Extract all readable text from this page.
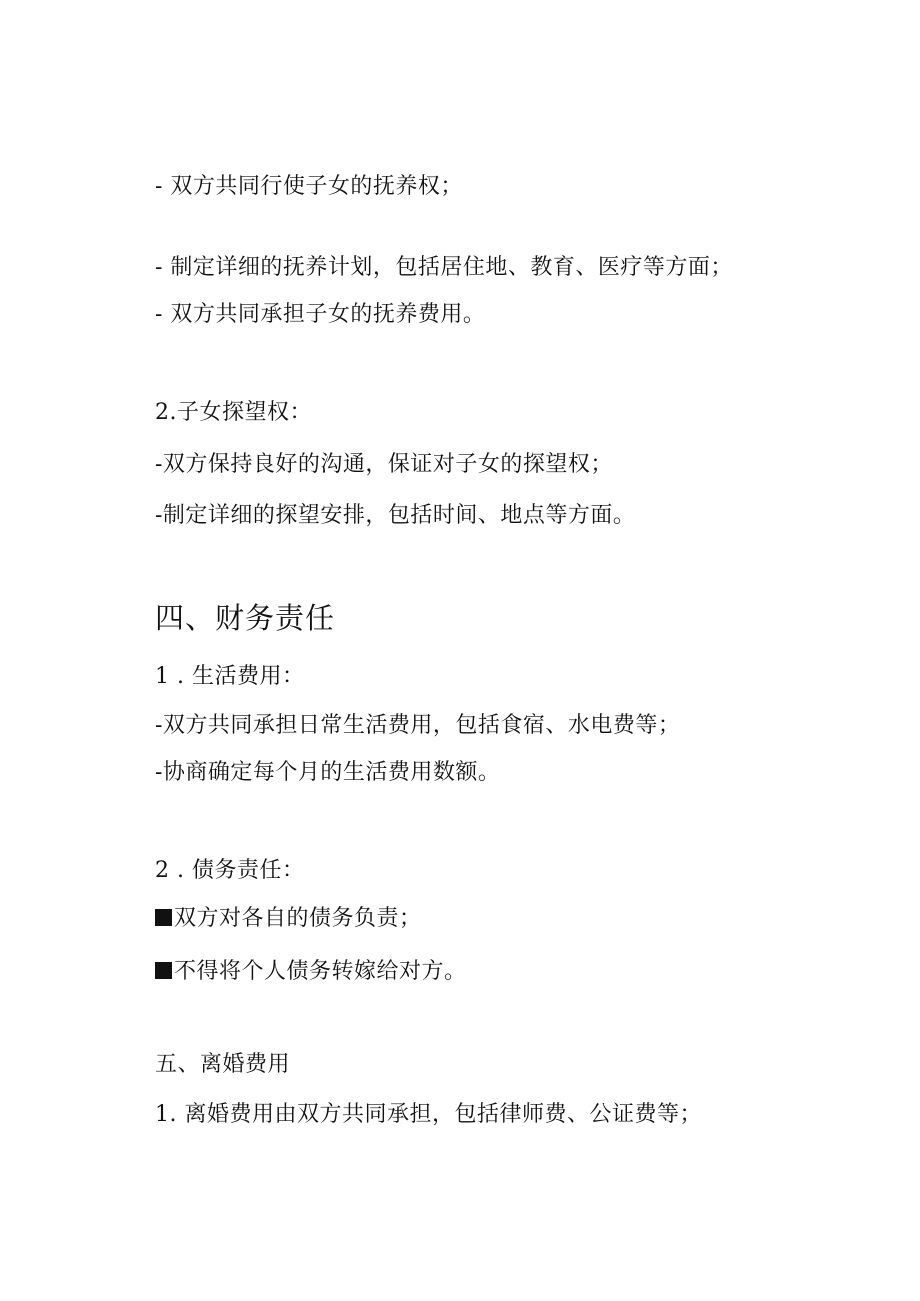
- 双方共同行使子女的抚养权；

- 制定详细的抚养计划，包括居住地、教育、医疗等方面；

- 双方共同承担子女的抚养费用。

2.子女探望权：

-双方保持良好的沟通，保证对子女的探望权；

-制定详细的探望安排，包括时间、地点等方面。

四、财务责任

1 . 生活费用：

-双方共同承担日常生活费用，包括食宿、水电费等；

-协商确定每个月的生活费用数额。

2 . 债务责任：

双方对各自的债务负责；

不得将个人债务转嫁给对方。

五、离婚费用

1. 离婚费用由双方共同承担，包括律师费、公证费等；
